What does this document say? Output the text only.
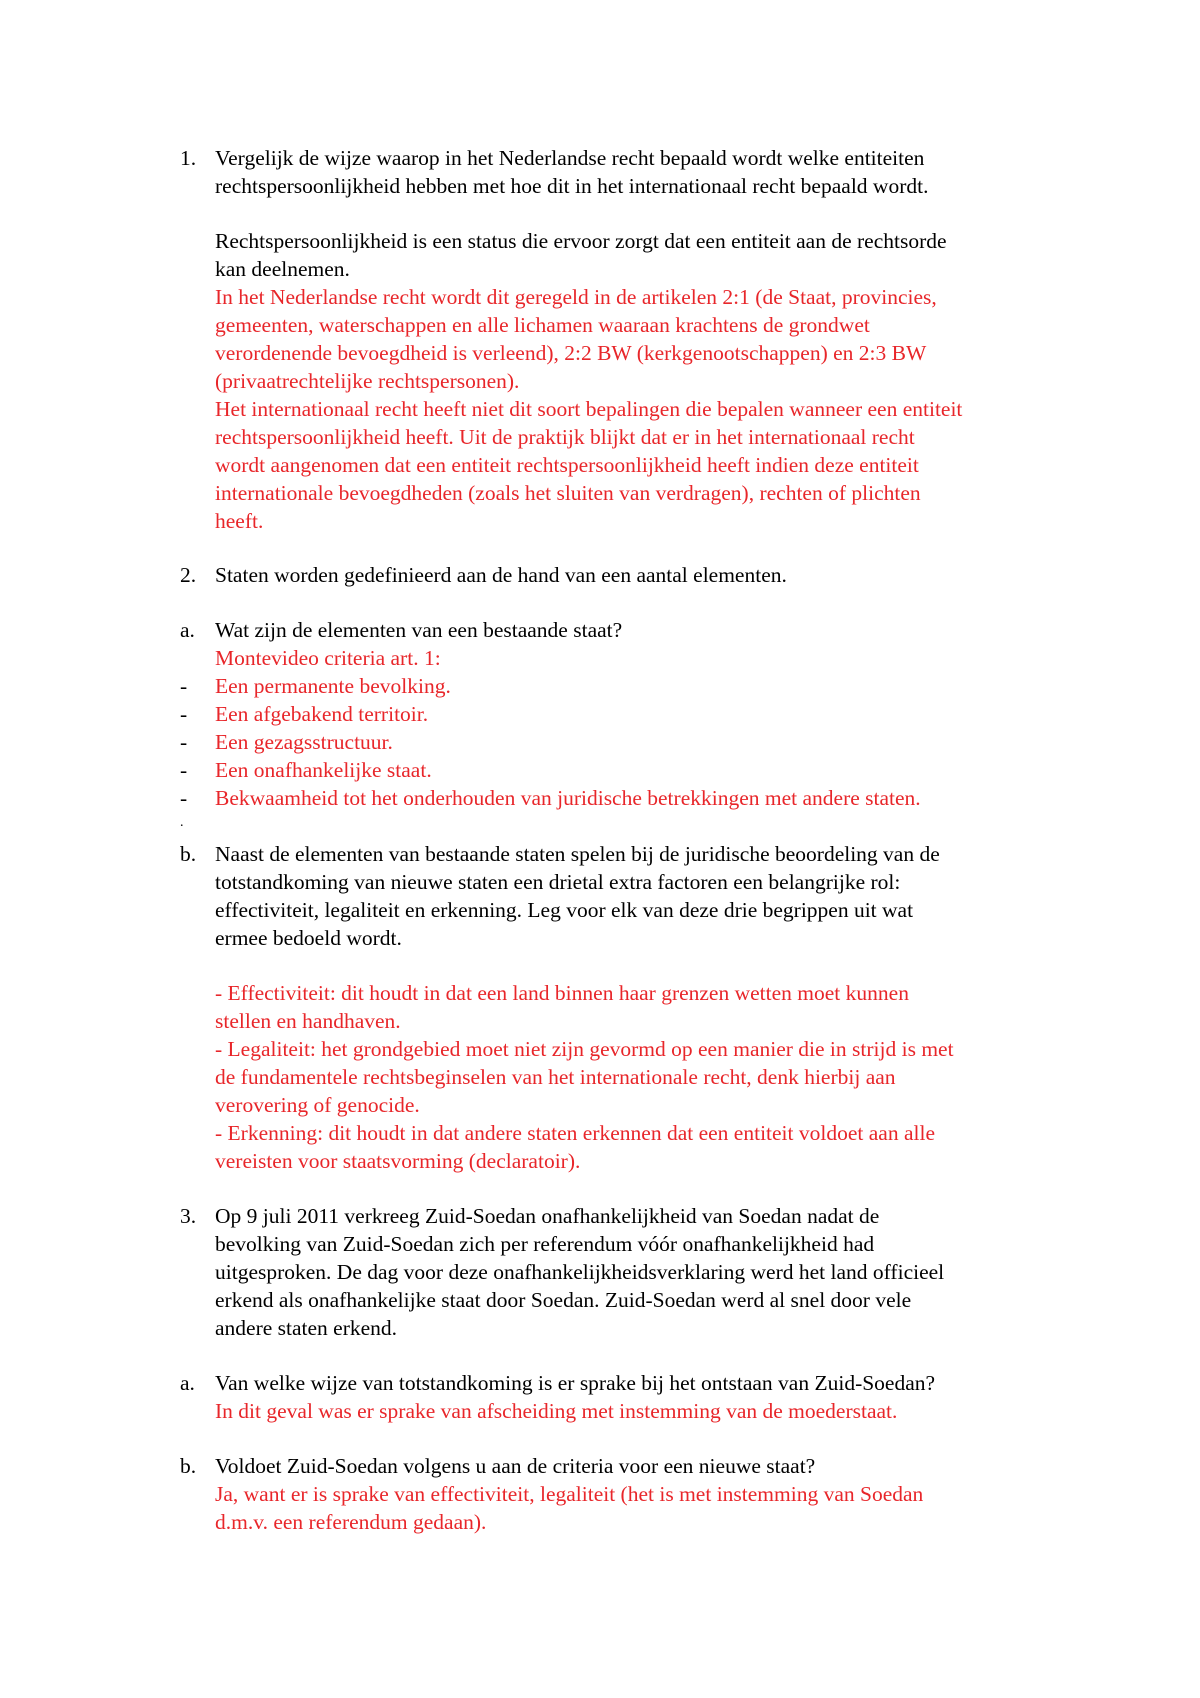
1. Vergelijk de wijze waarop in het Nederlandse recht bepaald wordt welke entiteiten
rechtspersoonlijkheid hebben met hoe dit in het internationaal recht bepaald wordt.
Rechtspersoonlijkheid is een status die ervoor zorgt dat een entiteit aan de rechtsorde
kan deelnemen.
In het Nederlandse recht wordt dit geregeld in de artikelen 2:1 (de Staat, provincies,
gemeenten, waterschappen en alle lichamen waaraan krachtens de grondwet
verordenende bevoegdheid is verleend), 2:2 BW (kerkgenootschappen) en 2:3 BW
(privaatrechtelijke rechtspersonen).
Het internationaal recht heeft niet dit soort bepalingen die bepalen wanneer een entiteit
rechtspersoonlijkheid heeft. Uit de praktijk blijkt dat er in het internationaal recht
wordt aangenomen dat een entiteit rechtspersoonlijkheid heeft indien deze entiteit
internationale bevoegdheden (zoals het sluiten van verdragen), rechten of plichten
heeft.
2. Staten worden gedefinieerd aan de hand van een aantal elementen.
a. Wat zijn de elementen van een bestaande staat?
Montevideo criteria art. 1:
- Een permanente bevolking.
- Een afgebakend territoir.
- Een gezagsstructuur.
- Een onafhankelijke staat.
- Bekwaamheid tot het onderhouden van juridische betrekkingen met andere staten.
.
b. Naast de elementen van bestaande staten spelen bij de juridische beoordeling van de
totstandkoming van nieuwe staten een drietal extra factoren een belangrijke rol:
effectiviteit, legaliteit en erkenning. Leg voor elk van deze drie begrippen uit wat
ermee bedoeld wordt.
- Effectiviteit: dit houdt in dat een land binnen haar grenzen wetten moet kunnen
stellen en handhaven.
- Legaliteit: het grondgebied moet niet zijn gevormd op een manier die in strijd is met
de fundamentele rechtsbeginselen van het internationale recht, denk hierbij aan
verovering of genocide.
- Erkenning: dit houdt in dat andere staten erkennen dat een entiteit voldoet aan alle
vereisten voor staatsvorming (declaratoir).
3. Op 9 juli 2011 verkreeg Zuid-Soedan onafhankelijkheid van Soedan nadat de
bevolking van Zuid-Soedan zich per referendum vóór onafhankelijkheid had
uitgesproken. De dag voor deze onafhankelijkheidsverklaring werd het land officieel
erkend als onafhankelijke staat door Soedan. Zuid-Soedan werd al snel door vele
andere staten erkend.
a. Van welke wijze van totstandkoming is er sprake bij het ontstaan van Zuid-Soedan?
In dit geval was er sprake van afscheiding met instemming van de moederstaat.
b. Voldoet Zuid-Soedan volgens u aan de criteria voor een nieuwe staat?
Ja, want er is sprake van effectiviteit, legaliteit (het is met instemming van Soedan
d.m.v. een referendum gedaan).
